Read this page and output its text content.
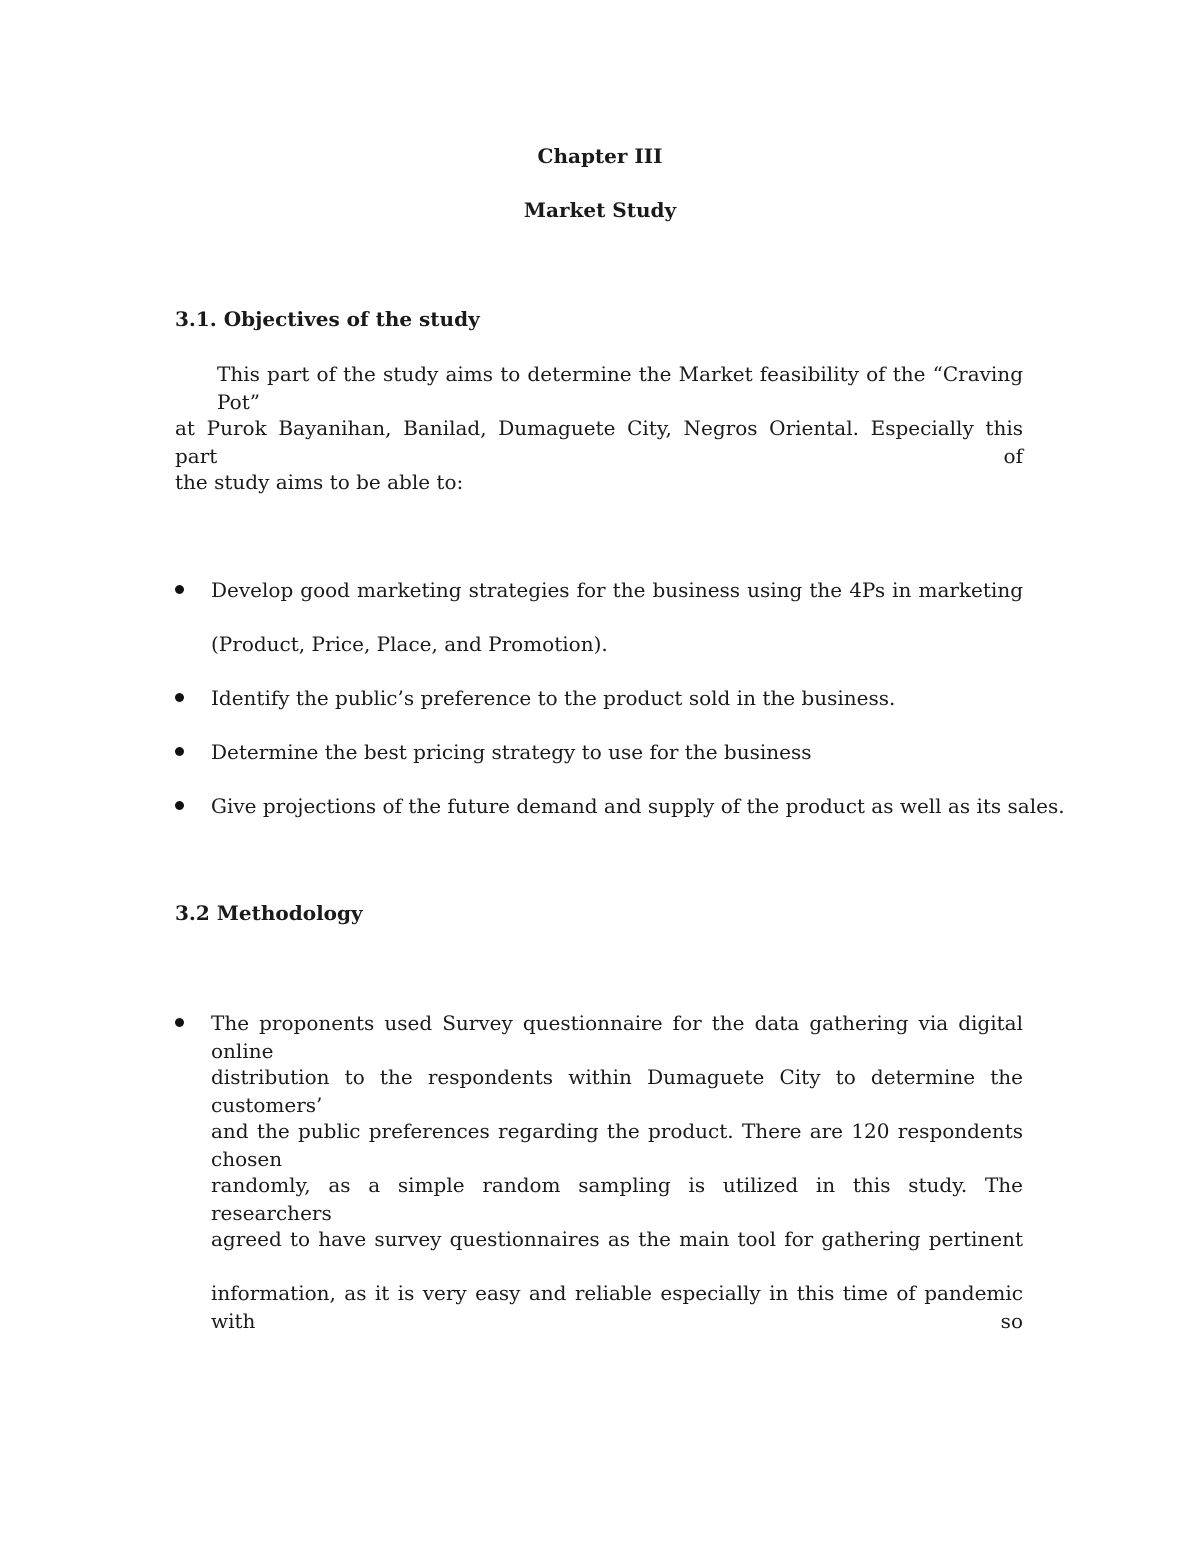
Chapter III
Market Study
3.1. Objectives of the study
This part of the study aims to determine the Market feasibility of the “Craving Pot”
at Purok Bayanihan, Banilad, Dumaguete City, Negros Oriental. Especially this part of
the study aims to be able to:
Develop good marketing strategies for the business using the 4Ps in marketing
(Product, Price, Place, and Promotion).
Identify the public’s preference to the product sold in the business.
Determine the best pricing strategy to use for the business
Give projections of the future demand and supply of the product as well as its sales.
3.2 Methodology
The proponents used Survey questionnaire for the data gathering via digital online
distribution to the respondents within Dumaguete City to determine the customers’
and the public preferences regarding the product. There are 120 respondents chosen
randomly, as a simple random sampling is utilized in this study. The researchers
agreed to have survey questionnaires as the main tool for gathering pertinent
information, as it is very easy and reliable especially in this time of pandemic with so
